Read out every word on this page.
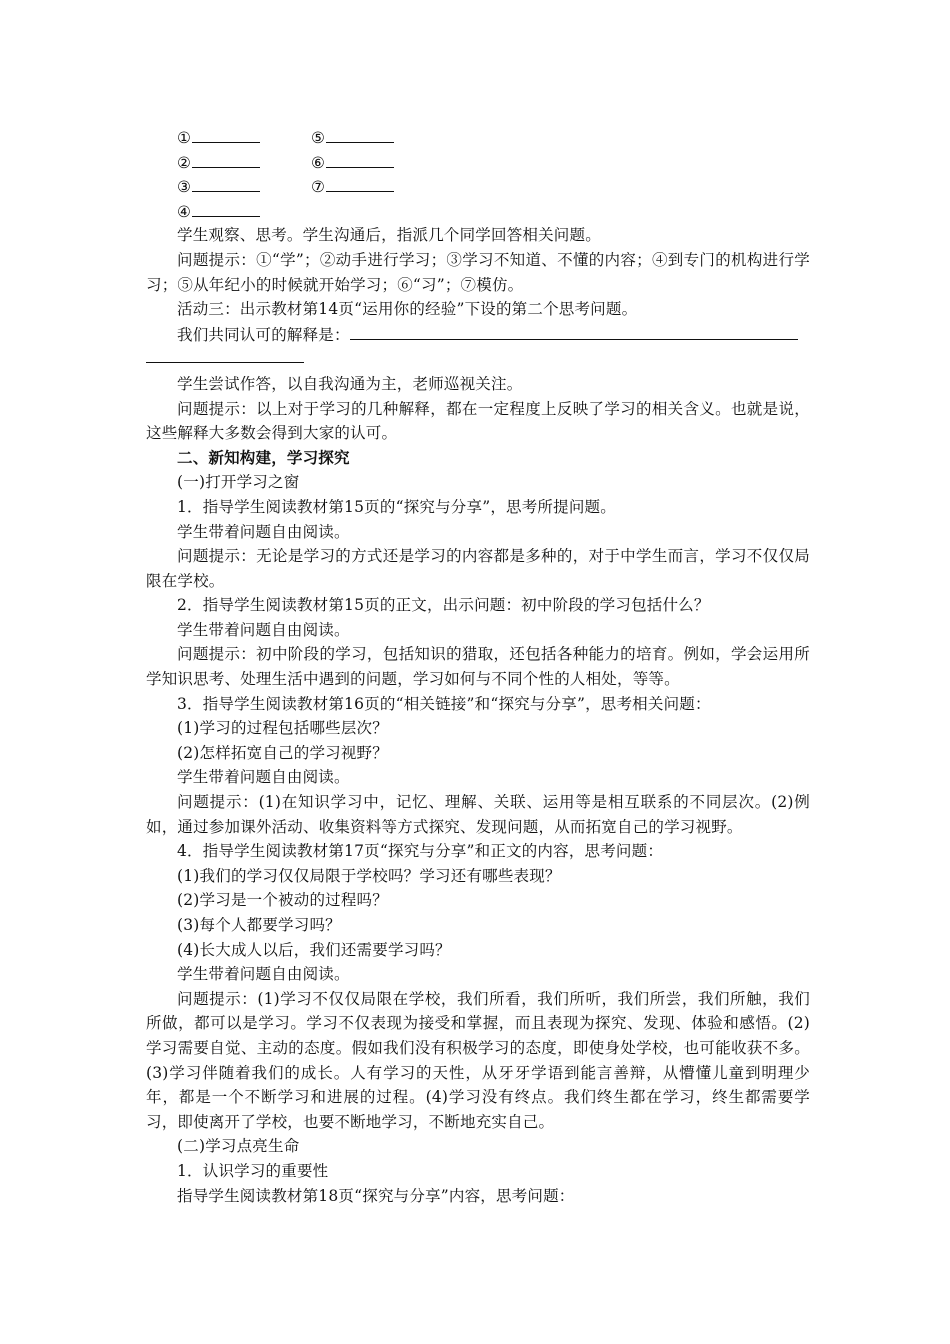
①	⑤
②	⑥
③	⑦
④
学生观察、思考。学生沟通后，指派几个同学回答相关问题。
问题提示：①“学”；②动手进行学习；③学习不知道、不懂的内容；④到专门的机构进行学习；⑤从年纪小的时候就开始学习；⑥“习”；⑦模仿。
活动三：出示教材第14页“运用你的经验”下设的第二个思考问题。
我们共同认可的解释是：
学生尝试作答，以自我沟通为主，老师巡视关注。
问题提示：以上对于学习的几种解释，都在一定程度上反映了学习的相关含义。也就是说，这些解释大多数会得到大家的认可。
二、新知构建，学习探究
(一)打开学习之窗
1．指导学生阅读教材第15页的“探究与分享”，思考所提问题。
学生带着问题自由阅读。
问题提示：无论是学习的方式还是学习的内容都是多种的，对于中学生而言，学习不仅仅局限在学校。
2．指导学生阅读教材第15页的正文，出示问题：初中阶段的学习包括什么？
学生带着问题自由阅读。
问题提示：初中阶段的学习，包括知识的猎取，还包括各种能力的培育。例如，学会运用所学知识思考、处理生活中遇到的问题，学习如何与不同个性的人相处，等等。
3．指导学生阅读教材第16页的“相关链接”和“探究与分享”，思考相关问题：
(1)学习的过程包括哪些层次？
(2)怎样拓宽自己的学习视野？
学生带着问题自由阅读。
问题提示：(1)在知识学习中，记忆、理解、关联、运用等是相互联系的不同层次。(2)例如，通过参加课外活动、收集资料等方式探究、发现问题，从而拓宽自己的学习视野。
4．指导学生阅读教材第17页“探究与分享”和正文的内容，思考问题：
(1)我们的学习仅仅局限于学校吗？学习还有哪些表现？
(2)学习是一个被动的过程吗？
(3)每个人都要学习吗？
(4)长大成人以后，我们还需要学习吗？
学生带着问题自由阅读。
问题提示：(1)学习不仅仅局限在学校，我们所看，我们所听，我们所尝，我们所触，我们所做，都可以是学习。学习不仅表现为接受和掌握，而且表现为探究、发现、体验和感悟。(2)学习需要自觉、主动的态度。假如我们没有积极学习的态度，即使身处学校，也可能收获不多。(3)学习伴随着我们的成长。人有学习的天性，从牙牙学语到能言善辩，从懵懂儿童到明理少年，都是一个不断学习和进展的过程。(4)学习没有终点。我们终生都在学习，终生都需要学习，即使离开了学校，也要不断地学习，不断地充实自己。
(二)学习点亮生命
1．认识学习的重要性
指导学生阅读教材第18页“探究与分享”内容，思考问题：
